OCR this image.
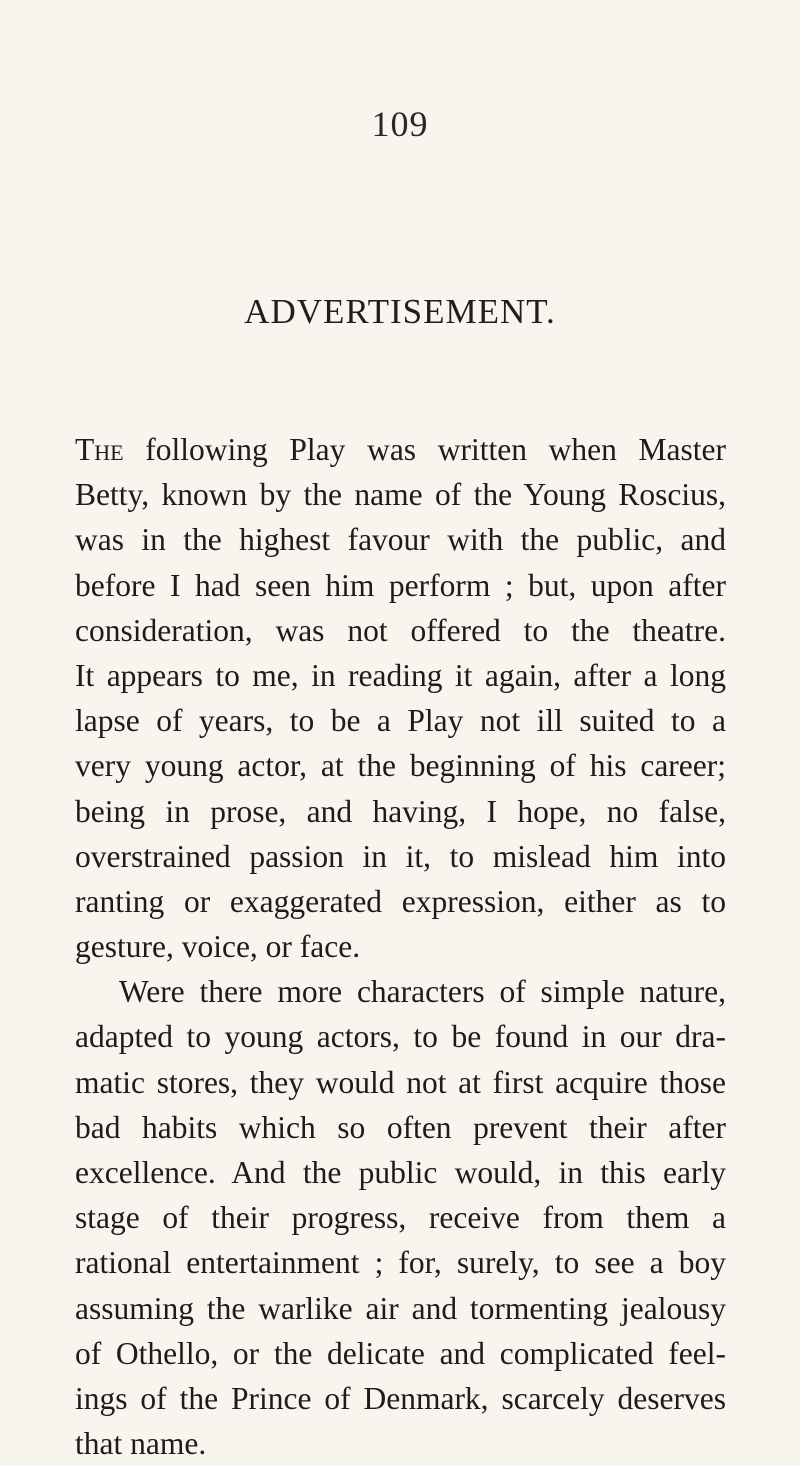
109
ADVERTISEMENT.
The following Play was written when Master
Betty, known by the name of the Young Roscius,
was in the highest favour with the public, and
before I had seen him perform ; but, upon after
consideration, was not offered to the theatre.
It appears to me, in reading it again, after a long
lapse of years, to be a Play not ill suited to a
very young actor, at the beginning of his career;
being in prose, and having, I hope, no false,
overstrained passion in it, to mislead him into
ranting or exaggerated expression, either as to
gesture, voice, or face.
Were there more characters of simple nature,
adapted to young actors, to be found in our dra-
matic stores, they would not at first acquire those
bad habits which so often prevent their after
excellence. And the public would, in this early
stage of their progress, receive from them a
rational entertainment ; for, surely, to see a boy
assuming the warlike air and tormenting jealousy
of Othello, or the delicate and complicated feel-
ings of the Prince of Denmark, scarcely deserves
that name.
